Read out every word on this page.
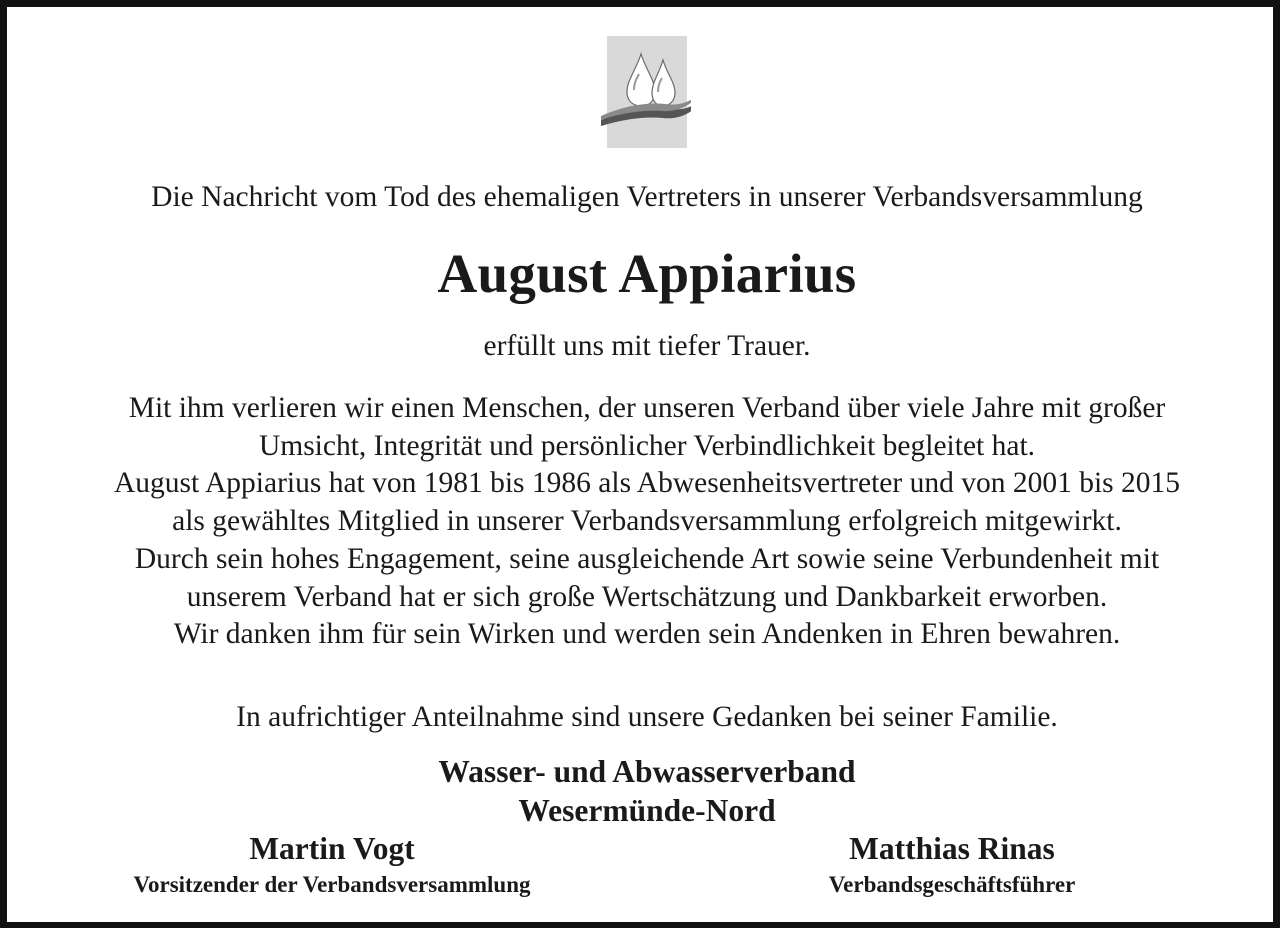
Die Nachricht vom Tod des ehemaligen Vertreters in unserer Verbandsversammlung
August Appiarius
erfüllt uns mit tiefer Trauer.
Mit ihm verlieren wir einen Menschen, der unseren Verband über viele Jahre mit großer
Umsicht, Integrität und persönlicher Verbindlichkeit begleitet hat.
August Appiarius hat von 1981 bis 1986 als Abwesenheitsvertreter und von 2001 bis 2015
als gewähltes Mitglied in unserer Verbandsversammlung erfolgreich mitgewirkt.
Durch sein hohes Engagement, seine ausgleichende Art sowie seine Verbundenheit mit
unserem Verband hat er sich große Wertschätzung und Dankbarkeit erworben.
Wir danken ihm für sein Wirken und werden sein Andenken in Ehren bewahren.
In aufrichtiger Anteilnahme sind unsere Gedanken bei seiner Familie.
Wasser- und Abwasserverband
Wesermünde-Nord
Martin Vogt
Vorsitzender der Verbandsversammlung
Matthias Rinas
Verbandsgeschäftsführer
